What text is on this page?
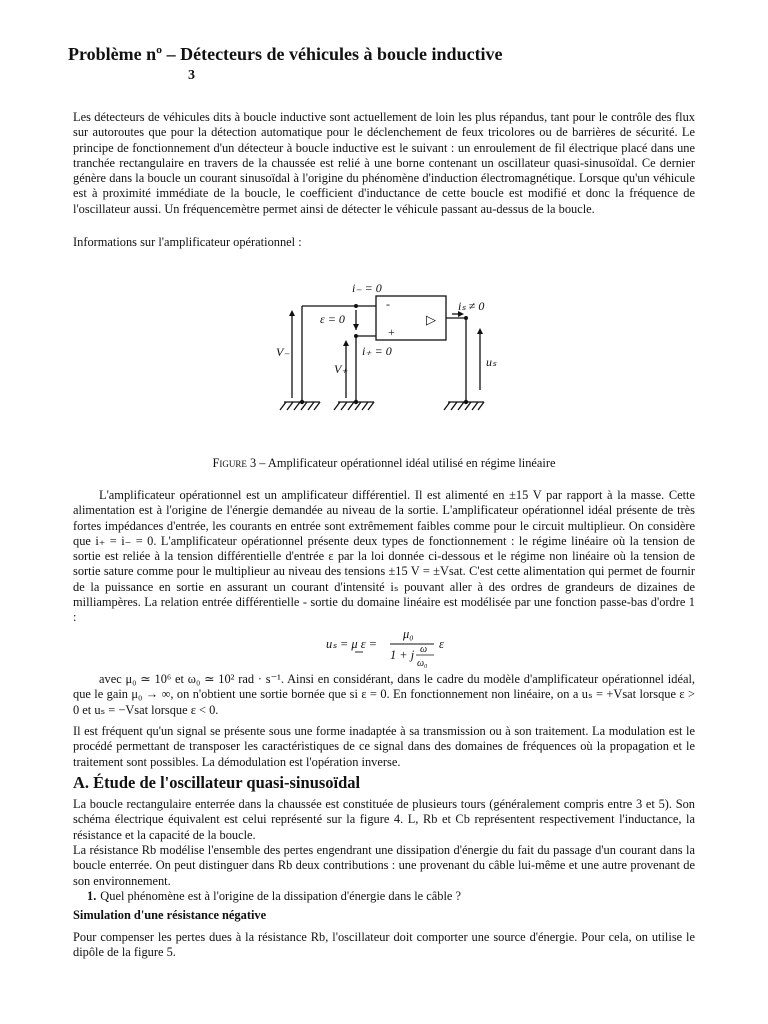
Problème nº – Détecteurs de véhicules à boucle inductive
3

Les détecteurs de véhicules dits à boucle inductive sont actuellement de loin les plus répandus, tant pour le contrôle des flux sur autoroutes que pour la détection automatique pour le déclenchement de feux tricolores ou de barrières de sécurité. Le principe de fonctionnement d'un détecteur à boucle inductive est le suivant : un enroulement de fil électrique placé dans une tranchée rectangulaire en travers de la chaussée est relié à une borne contenant un oscillateur quasi-sinusoïdal. Ce dernier génère dans la boucle un courant sinusoïdal à l'origine du phénomène d'induction électromagnétique. Lorsque qu'un véhicule est à proximité immédiate de la boucle, le coefficient d'inductance de cette boucle est modifié et donc la fréquence de l'oscillateur aussi. Un fréquencemètre permet ainsi de détecter le véhicule passant au-dessus de la boucle.

Informations sur l'amplificateur opérationnel :

i₋ = 0
-
+
▷
ε = 0
i₊ = 0
iₛ ≠ 0
V₋
V₊	uₛ
Figure 3 – Amplificateur opérationnel idéal utilisé en régime linéaire

L'amplificateur opérationnel est un amplificateur différentiel. Il est alimenté en ±15 V par rapport à la masse. Cette alimentation est à l'origine de l'énergie demandée au niveau de la sortie. L'amplificateur opérationnel idéal présente de très fortes impédances d'entrée, les courants en entrée sont extrêmement faibles comme pour le circuit multiplieur. On considère que i₊ = i₋ = 0. L'amplificateur opérationnel présente deux types de fonctionnement : le régime linéaire où la tension de sortie est reliée à la tension différentielle d'entrée ε par la loi donnée ci-dessous et le régime non linéaire où la tension de sortie sature comme pour le multiplieur au niveau des tensions ±15 V = ±Vsat. C'est cette alimentation qui permet de fournir de la puissance en sortie en assurant un courant d'intensité iₛ pouvant aller à des ordres de grandeurs de dizaines de milliampères. La relation entrée différentielle - sortie du domaine linéaire est modélisée par une fonction passe-bas d'ordre 1 :

uₛ = μ ε =
μ₀
1 + j ω
ω₀
ε

avec μ₀ ≃ 10⁶ et ω₀ ≃ 10² rad · s⁻¹. Ainsi en considérant, dans le cadre du modèle d'amplificateur opérationnel idéal, que le gain μ₀ → ∞, on n'obtient une sortie bornée que si ε = 0. En fonctionnement non linéaire, on a uₛ = +Vsat lorsque ε > 0 et uₛ = −Vsat lorsque ε < 0.

Il est fréquent qu'un signal se présente sous une forme inadaptée à sa transmission ou à son traitement. La modulation est le procédé permettant de transposer les caractéristiques de ce signal dans des domaines de fréquences où la propagation et le traitement sont possibles. La démodulation est l'opération inverse.

A. Étude de l'oscillateur quasi-sinusoïdal

La boucle rectangulaire enterrée dans la chaussée est constituée de plusieurs tours (généralement compris entre 3 et 5). Son schéma électrique équivalent est celui représenté sur la figure 4. L, Rb et Cb représentent respectivement l'inductance, la résistance et la capacité de la boucle.

La résistance Rb modélise l'ensemble des pertes engendrant une dissipation d'énergie du fait du passage d'un courant dans la boucle enterrée. On peut distinguer dans Rb deux contributions : une provenant du câble lui-même et une autre provenant de son environnement.

1. Quel phénomène est à l'origine de la dissipation d'énergie dans le câble ?
Simulation d'une résistance négative

Pour compenser les pertes dues à la résistance Rb, l'oscillateur doit comporter une source d'énergie. Pour cela, on utilise le dipôle de la figure 5.
